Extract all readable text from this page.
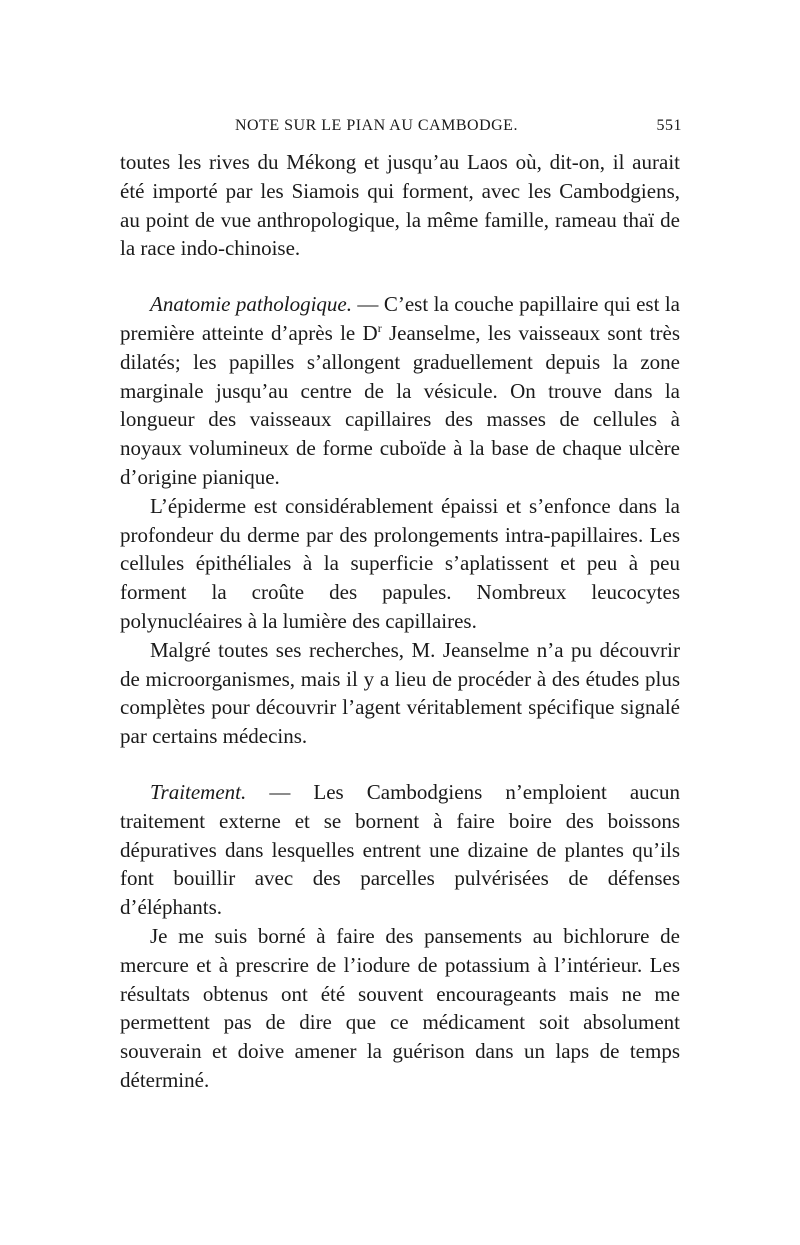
NOTE SUR LE PIAN AU CAMBODGE.	551

toutes les rives du Mékong et jusqu’au Laos où, dit-on, il aurait été importé par les Siamois qui forment, avec les Cambodgiens, au point de vue anthropologique, la même famille, rameau thaï de la race indo-chinoise.

Anatomie pathologique. — C’est la couche papillaire qui est la première atteinte d’après le $D^r$ Jeanselme, les vaisseaux sont très dilatés; les papilles s’allongent graduellement depuis la zone marginale jusqu’au centre de la vésicule. On trouve dans la longueur des vaisseaux capillaires des masses de cellules à noyaux volumineux de forme cuboïde à la base de chaque ulcère d’origine pianique.

L’épiderme est considérablement épaissi et s’enfonce dans la profondeur du derme par des prolongements intra-papillaires. Les cellules épithéliales à la superficie s’aplatissent et peu à peu forment la croûte des papules. Nombreux leucocytes polynucléaires à la lumière des capillaires.

Malgré toutes ses recherches, M. Jeanselme n’a pu découvrir de microorganismes, mais il y a lieu de procéder à des études plus complètes pour découvrir l’agent véritablement spécifique signalé par certains médecins.

Traitement. — Les Cambodgiens n’emploient aucun traitement externe et se bornent à faire boire des boissons dépuratives dans lesquelles entrent une dizaine de plantes qu’ils font bouillir avec des parcelles pulvérisées de défenses d’éléphants.

Je me suis borné à faire des pansements au bichlorure de mercure et à prescrire de l’iodure de potassium à l’intérieur. Les résultats obtenus ont été souvent encourageants mais ne me permettent pas de dire que ce médicament soit absolument souverain et doive amener la guérison dans un laps de temps déterminé.
